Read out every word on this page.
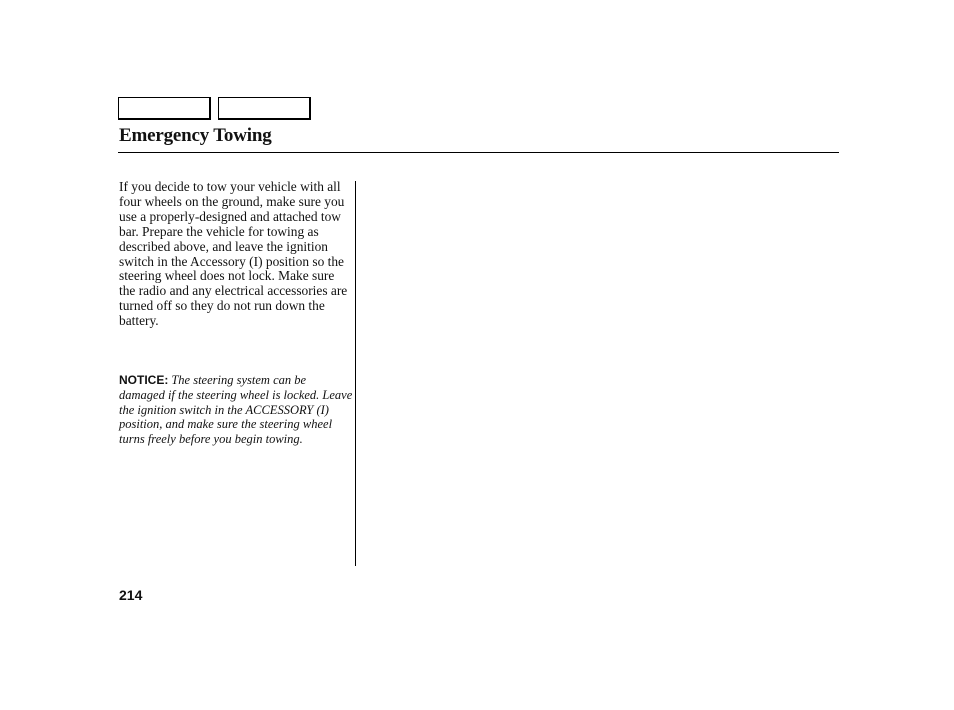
Emergency Towing

If you decide to tow your vehicle with all four wheels on the ground, make sure you use a properly-designed and attached tow bar. Prepare the vehicle for towing as described above, and leave the ignition switch in the Accessory (I) position so the steering wheel does not lock. Make sure the radio and any electrical accessories are turned off so they do not run down the battery.

NOTICE: The steering system can be damaged if the steering wheel is locked. Leave the ignition switch in the ACCESSORY (I) position, and make sure the steering wheel turns freely before you begin towing.

214
